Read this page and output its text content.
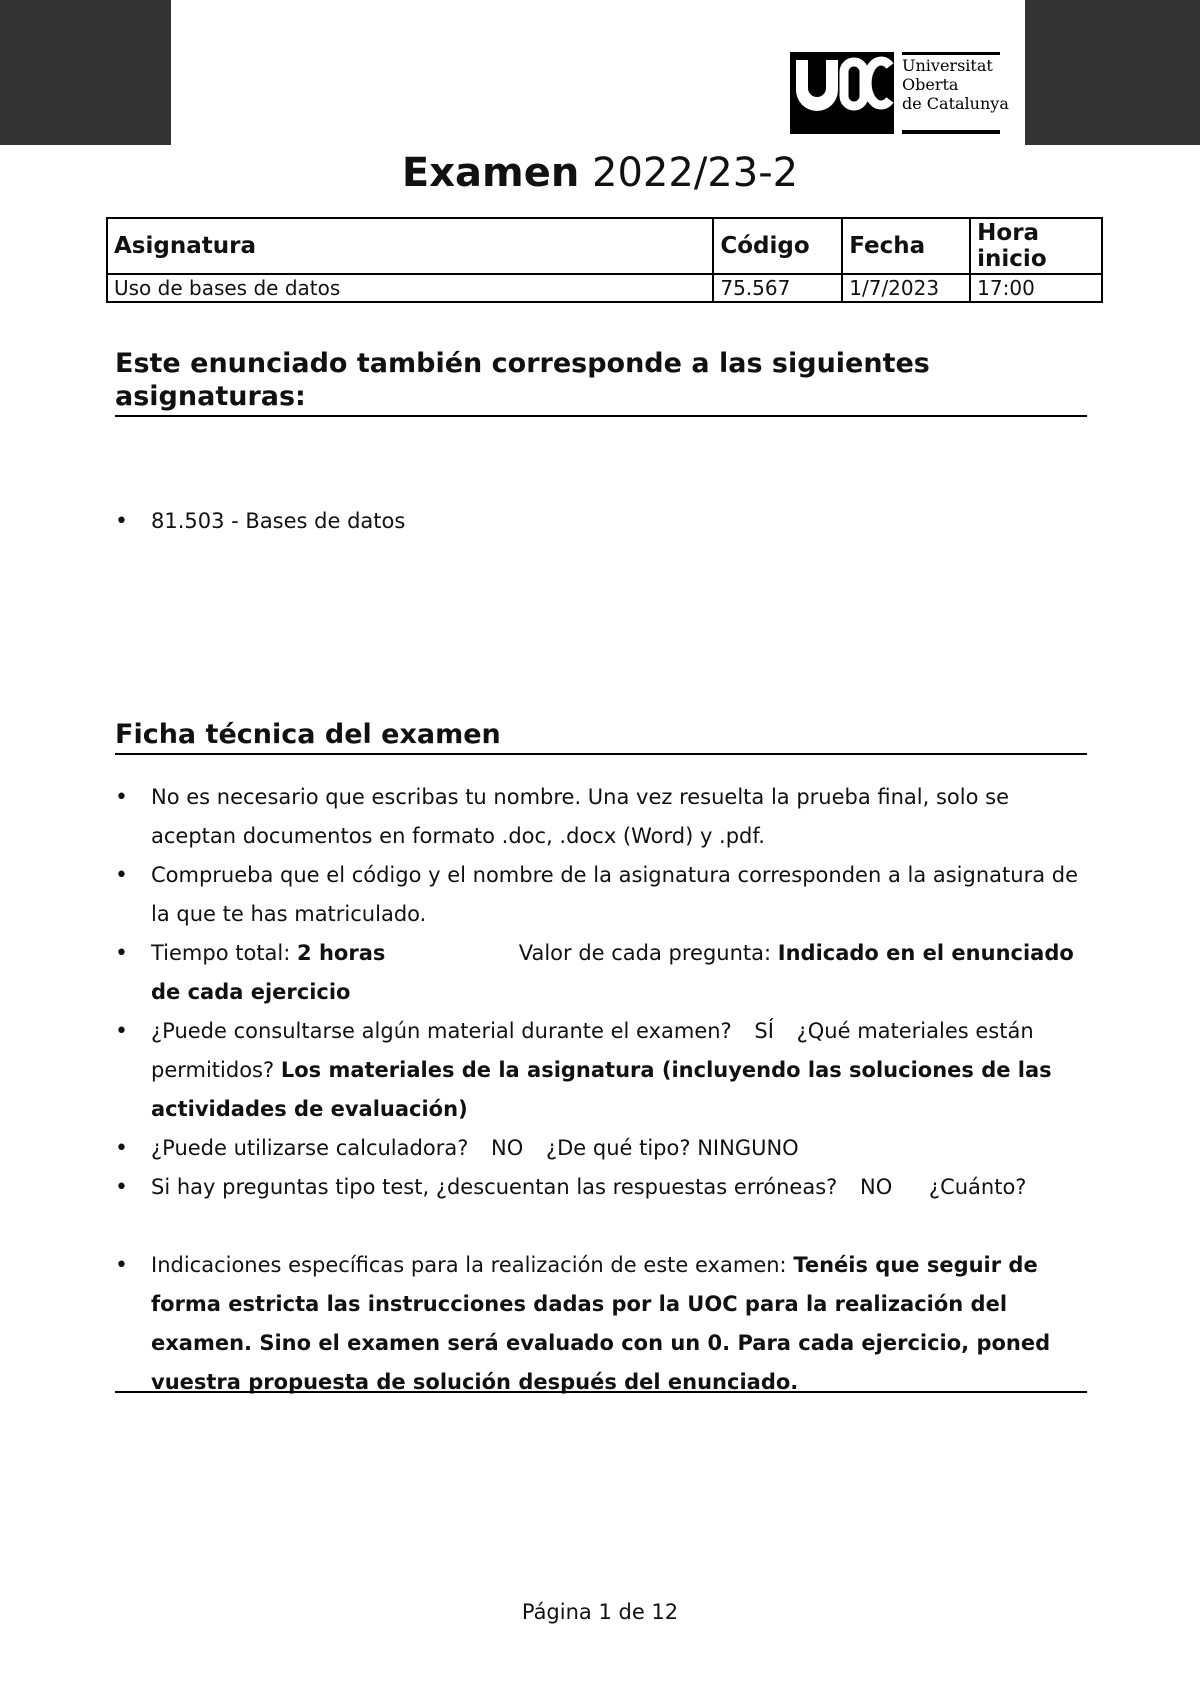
Universitat
Oberta
de Catalunya
Examen 2022/23-2
Asignatura	Código	Fecha	Hora inicio
Uso de bases de datos	75.567	1/7/2023	17:00
Este enunciado también corresponde a las siguientes asignaturas:
• 81.503 - Bases de datos
Ficha técnica del examen
• No es necesario que escribas tu nombre. Una vez resuelta la prueba final, solo se aceptan documentos en formato .doc, .docx (Word) y .pdf.
• Comprueba que el código y el nombre de la asignatura corresponden a la asignatura de la que te has matriculado.
• Tiempo total: 2 horas	Valor de cada pregunta: Indicado en el enunciado de cada ejercicio
• ¿Puede consultarse algún material durante el examen? SÍ ¿Qué materiales están permitidos? Los materiales de la asignatura (incluyendo las soluciones de las actividades de evaluación)
• ¿Puede utilizarse calculadora? NO ¿De qué tipo? NINGUNO
• Si hay preguntas tipo test, ¿descuentan las respuestas erróneas? NO ¿Cuánto?
• Indicaciones específicas para la realización de este examen: Tenéis que seguir de forma estricta las instrucciones dadas por la UOC para la realización del examen. Sino el examen será evaluado con un 0. Para cada ejercicio, poned vuestra propuesta de solución después del enunciado.
Página 1 de 12
